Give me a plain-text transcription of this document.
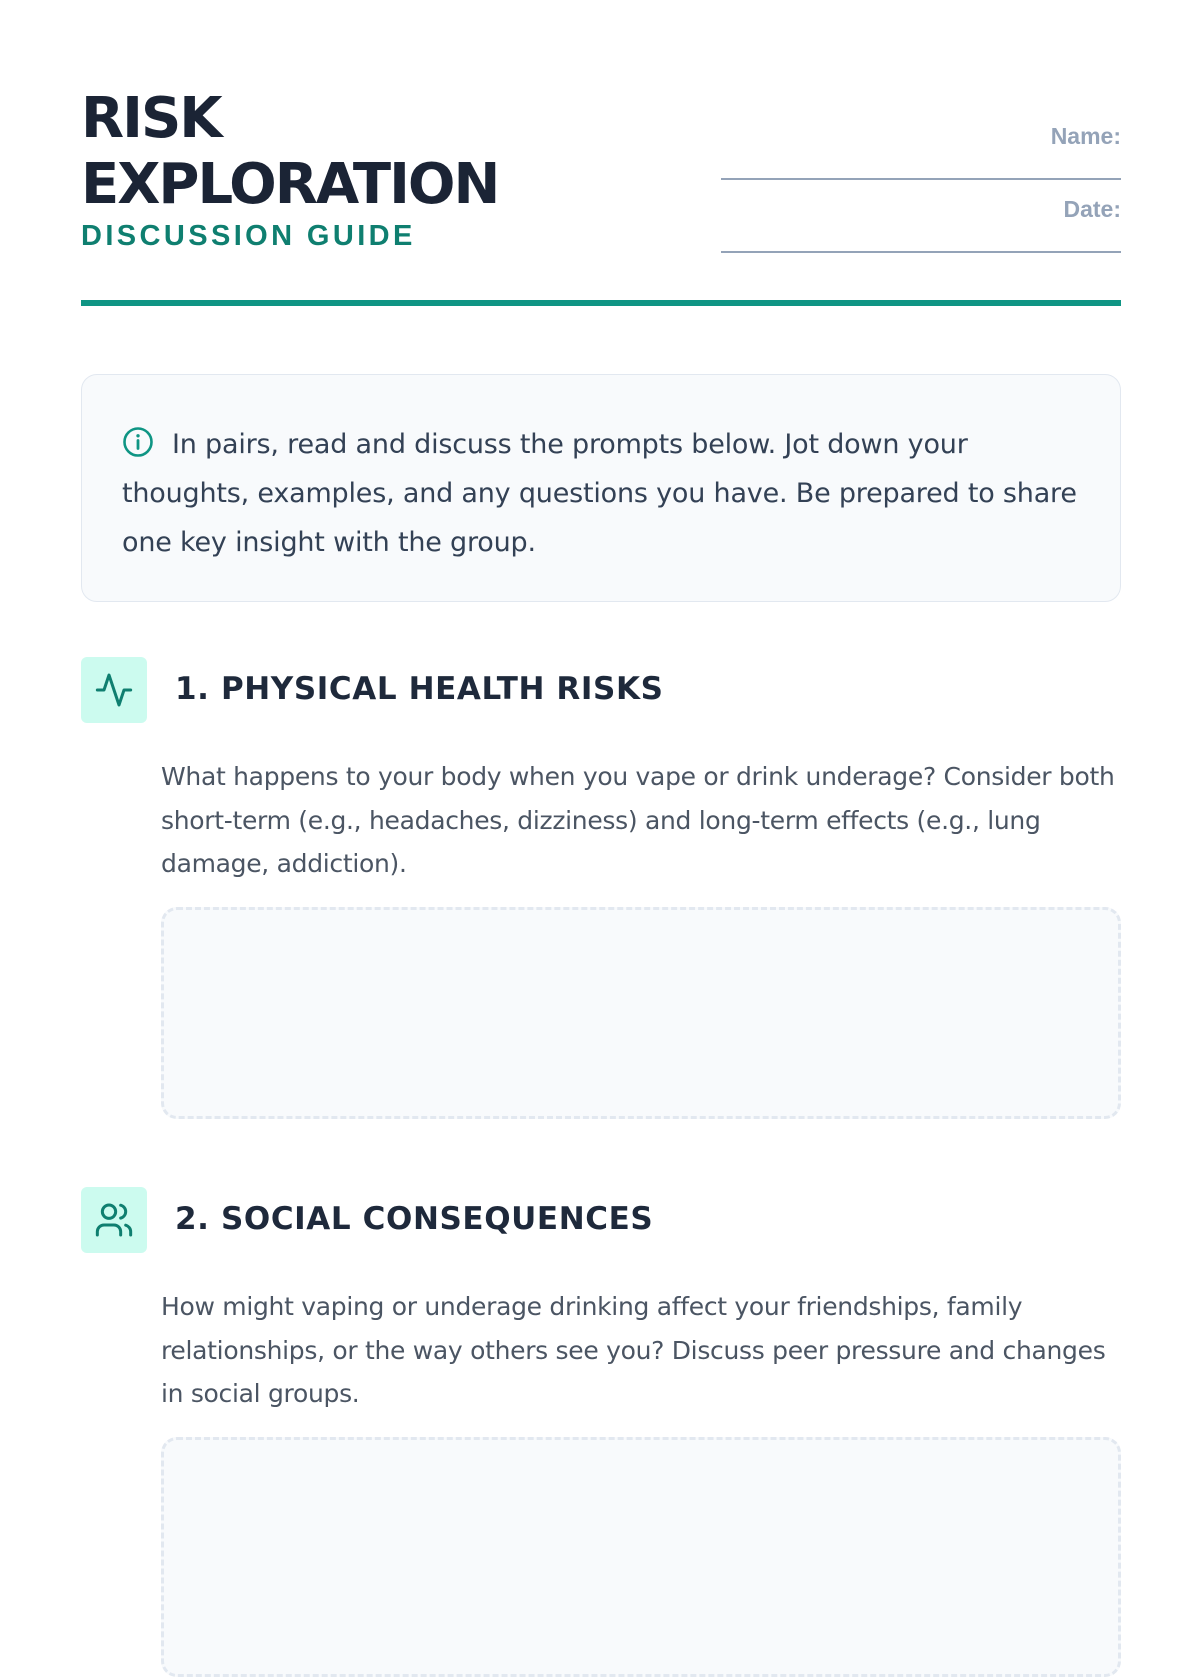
RISK
EXPLORATION

DISCUSSION GUIDE

Name:
Date:

In pairs, read and discuss the prompts below. Jot down your thoughts, examples, and any questions you have. Be prepared to share one key insight with the group.

1. PHYSICAL HEALTH RISKS

What happens to your body when you vape or drink underage? Consider both short-term (e.g., headaches, dizziness) and long-term effects (e.g., lung damage, addiction).

2. SOCIAL CONSEQUENCES

How might vaping or underage drinking affect your friendships, family relationships, or the way others see you? Discuss peer pressure and changes in social groups.
